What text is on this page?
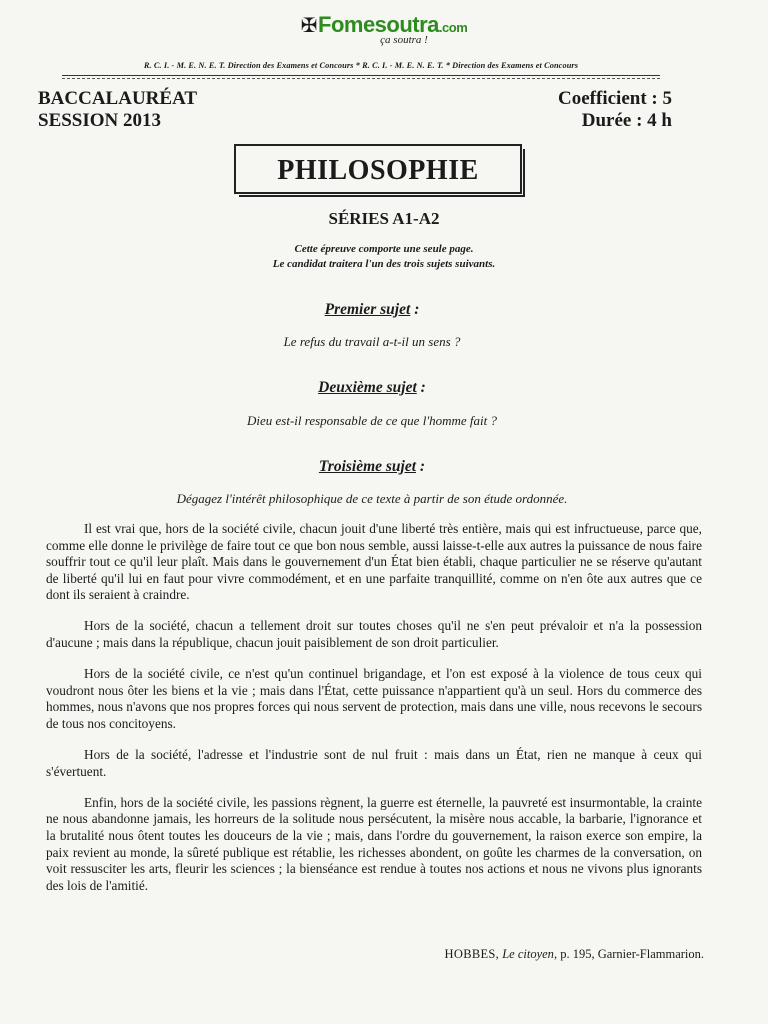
✠Fomesoutra.com
ça soutra !
R. C. I. - M. E. N. E. T. Direction des Examens et Concours * R. C. I. - M. E. N. E. T. * Direction des Examens et Concours
BACCALAURÉAT
SESSION 2013
Coefficient : 5
Durée : 4 h
PHILOSOPHIE
SÉRIES A1-A2
Cette épreuve comporte une seule page.
Le candidat traitera l'un des trois sujets suivants.
Premier sujet :
Le refus du travail a-t-il un sens ?
Deuxième sujet :
Dieu est-il responsable de ce que l'homme fait ?
Troisième sujet :
Dégagez l'intérêt philosophique de ce texte à partir de son étude ordonnée.

Il est vrai que, hors de la société civile, chacun jouit d'une liberté très entière, mais qui est infructueuse, parce que, comme elle donne le privilège de faire tout ce que bon nous semble, aussi laisse-t-elle aux autres la puissance de nous faire souffrir tout ce qu'il leur plaît. Mais dans le gouvernement d'un État bien établi, chaque particulier ne se réserve qu'autant de liberté qu'il lui en faut pour vivre commodément, et en une parfaite tranquillité, comme on n'en ôte aux autres que ce dont ils seraient à craindre.

Hors de la société, chacun a tellement droit sur toutes choses qu'il ne s'en peut prévaloir et n'a la possession d'aucune ; mais dans la république, chacun jouit paisiblement de son droit particulier.

Hors de la société civile, ce n'est qu'un continuel brigandage, et l'on est exposé à la violence de tous ceux qui voudront nous ôter les biens et la vie ; mais dans l'État, cette puissance n'appartient qu'à un seul. Hors du commerce des hommes, nous n'avons que nos propres forces qui nous servent de protection, mais dans une ville, nous recevons le secours de tous nos concitoyens.

Hors de la société, l'adresse et l'industrie sont de nul fruit : mais dans un État, rien ne manque à ceux qui s'évertuent.

Enfin, hors de la société civile, les passions règnent, la guerre est éternelle, la pauvreté est insurmontable, la crainte ne nous abandonne jamais, les horreurs de la solitude nous persécutent, la misère nous accable, la barbarie, l'ignorance et la brutalité nous ôtent toutes les douceurs de la vie ; mais, dans l'ordre du gouvernement, la raison exerce son empire, la paix revient au monde, la sûreté publique est rétablie, les richesses abondent, on goûte les charmes de la conversation, on voit ressusciter les arts, fleurir les sciences ; la bienséance est rendue à toutes nos actions et nous ne vivons plus ignorants des lois de l'amitié.

HOBBES, Le citoyen, p. 195, Garnier-Flammarion.
